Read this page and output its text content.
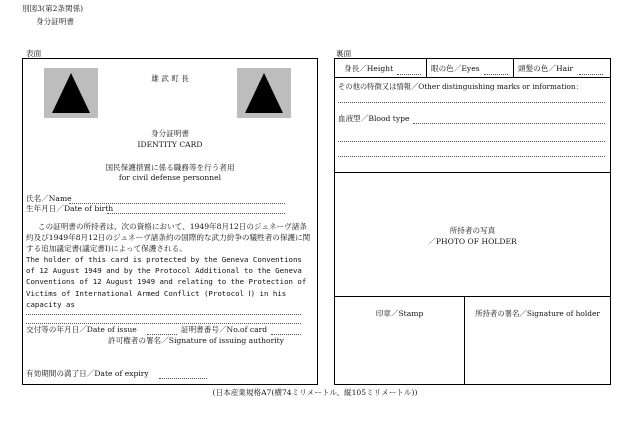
別図3(第2条関係)
身分証明書
表面	裏面
雄 武 町 長
身分証明書
IDENTITY CARD
国民保護措置に係る職務等を行う者用
for civil defense personnel
氏名／Name
生年月日／Date of birth
この証明書の所持者は、次の資格において、1949年8月12日のジュネーヴ諸条約及び1949年8月12日のジュネーヴ諸条約の国際的な武力紛争の犠牲者の保護に関する追加議定書(議定書I)によって保護される。
The holder of this card is protected by the Geneva Conventions of 12 August 1949 and by the Protocol Additional to the Geneva Conventions of 12 August 1949 and relating to the Protection of Victims of International Armed Conflict (Protocol Ⅰ) in his capacity as
交付等の年月日／Date of issue	証明書番号／No.of card
許可権者の署名／Signature of issuing authority
有効期間の満了日／Date of expiry
身長／Height	眼の色／Eyes	頭髪の色／Hair
その他の特徴又は情報／Other distinguishing marks or information：
血液型／Blood type
所持者の写真
／PHOTO OF HOLDER
印章／Stamp	所持者の署名／Signature of holder
(日本産業規格A7(横74ミリメートル、縦105ミリメートル))
